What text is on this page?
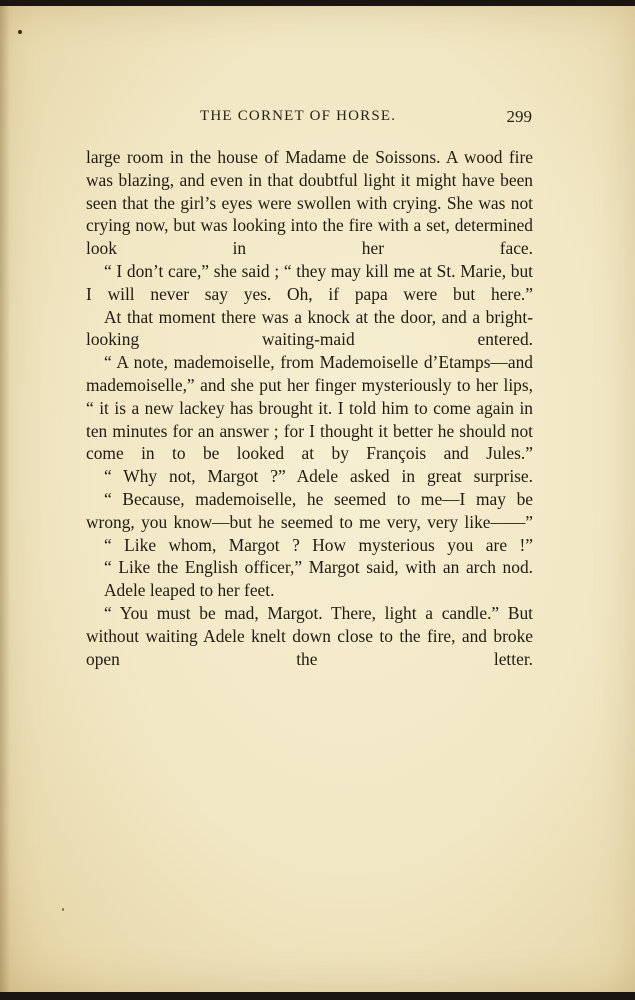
THE CORNET OF HORSE.	299

large room in the house of Madame de Soissons. A wood fire was blazing, and even in that doubtful light it might have been seen that the girl’s eyes were swollen with crying. She was not crying now, but was looking into the fire with a set, determined look in her face.

“ I don’t care,” she said ; “ they may kill me at St. Marie, but I will never say yes. Oh, if papa were but here.”

At that moment there was a knock at the door, and a bright-looking waiting-maid entered.

“ A note, mademoiselle, from Mademoiselle d’Etamps—and mademoiselle,” and she put her finger mysteriously to her lips, “ it is a new lackey has brought it. I told him to come again in ten minutes for an answer ; for I thought it better he should not come in to be looked at by François and Jules.”

“ Why not, Margot ?” Adele asked in great surprise.

“ Because, mademoiselle, he seemed to me—I may be wrong, you know—but he seemed to me very, very like——”

“ Like whom, Margot ? How mysterious you are !”

“ Like the English officer,” Margot said, with an arch nod.

Adele leaped to her feet.

“ You must be mad, Margot. There, light a candle.” But without waiting Adele knelt down close to the fire, and broke open the letter.
